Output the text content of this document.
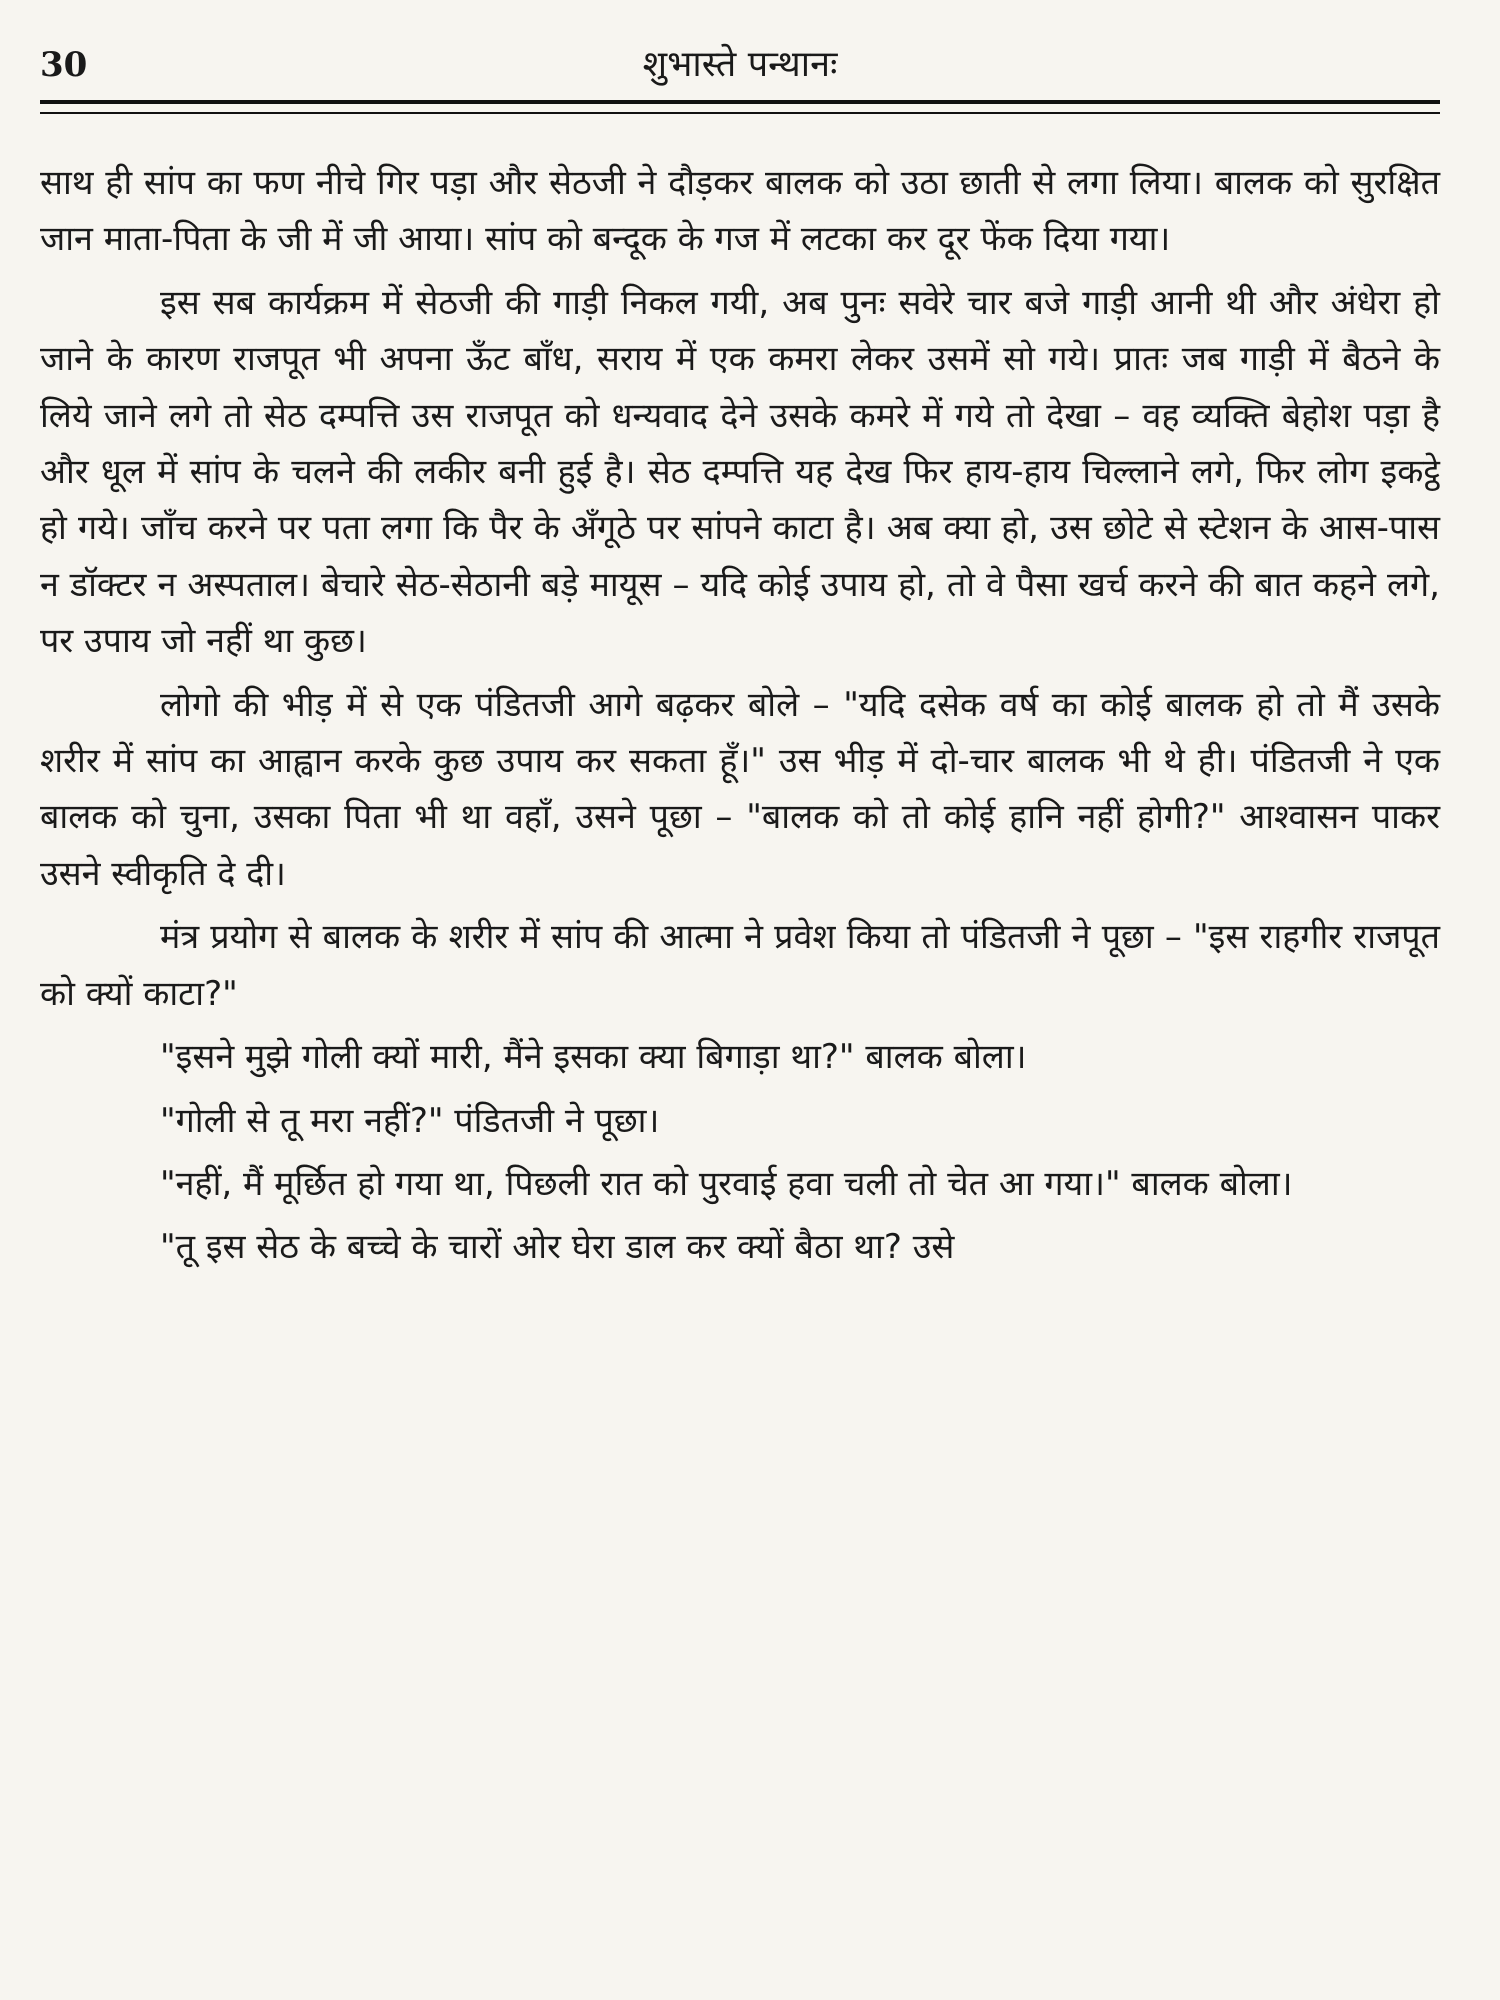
30	शुभास्ते पन्थानः

साथ ही सांप का फण नीचे गिर पड़ा और सेठजी ने दौड़कर बालक को उठा छाती से लगा लिया। बालक को सुरक्षित जान माता-पिता के जी में जी आया। सांप को बन्दूक के गज में लटका कर दूर फेंक दिया गया।

इस सब कार्यक्रम में सेठजी की गाड़ी निकल गयी, अब पुनः सवेरे चार बजे गाड़ी आनी थी और अंधेरा हो जाने के कारण राजपूत भी अपना ऊँट बाँध, सराय में एक कमरा लेकर उसमें सो गये। प्रातः जब गाड़ी में बैठने के लिये जाने लगे तो सेठ दम्पत्ति उस राजपूत को धन्यवाद देने उसके कमरे में गये तो देखा – वह व्यक्ति बेहोश पड़ा है और धूल में सांप के चलने की लकीर बनी हुई है। सेठ दम्पत्ति यह देख फिर हाय-हाय चिल्लाने लगे, फिर लोग इकट्ठे हो गये। जाँच करने पर पता लगा कि पैर के अँगूठे पर सांपने काटा है। अब क्या हो, उस छोटे से स्टेशन के आस-पास न डॉक्टर न अस्पताल। बेचारे सेठ-सेठानी बड़े मायूस – यदि कोई उपाय हो, तो वे पैसा खर्च करने की बात कहने लगे, पर उपाय जो नहीं था कुछ।

लोगो की भीड़ में से एक पंडितजी आगे बढ़कर बोले – "यदि दसेक वर्ष का कोई बालक हो तो मैं उसके शरीर में सांप का आह्वान करके कुछ उपाय कर सकता हूँ।" उस भीड़ में दो-चार बालक भी थे ही। पंडितजी ने एक बालक को चुना, उसका पिता भी था वहाँ, उसने पूछा – "बालक को तो कोई हानि नहीं होगी?" आश्वासन पाकर उसने स्वीकृति दे दी।

मंत्र प्रयोग से बालक के शरीर में सांप की आत्मा ने प्रवेश किया तो पंडितजी ने पूछा – "इस राहगीर राजपूत को क्यों काटा?"

"इसने मुझे गोली क्यों मारी, मैंने इसका क्या बिगाड़ा था?" बालक बोला।

"गोली से तू मरा नहीं?" पंडितजी ने पूछा।

"नहीं, मैं मूर्छित हो गया था, पिछली रात को पुरवाई हवा चली तो चेत आ गया।" बालक बोला।

"तू इस सेठ के बच्चे के चारों ओर घेरा डाल कर क्यों बैठा था? उसे
